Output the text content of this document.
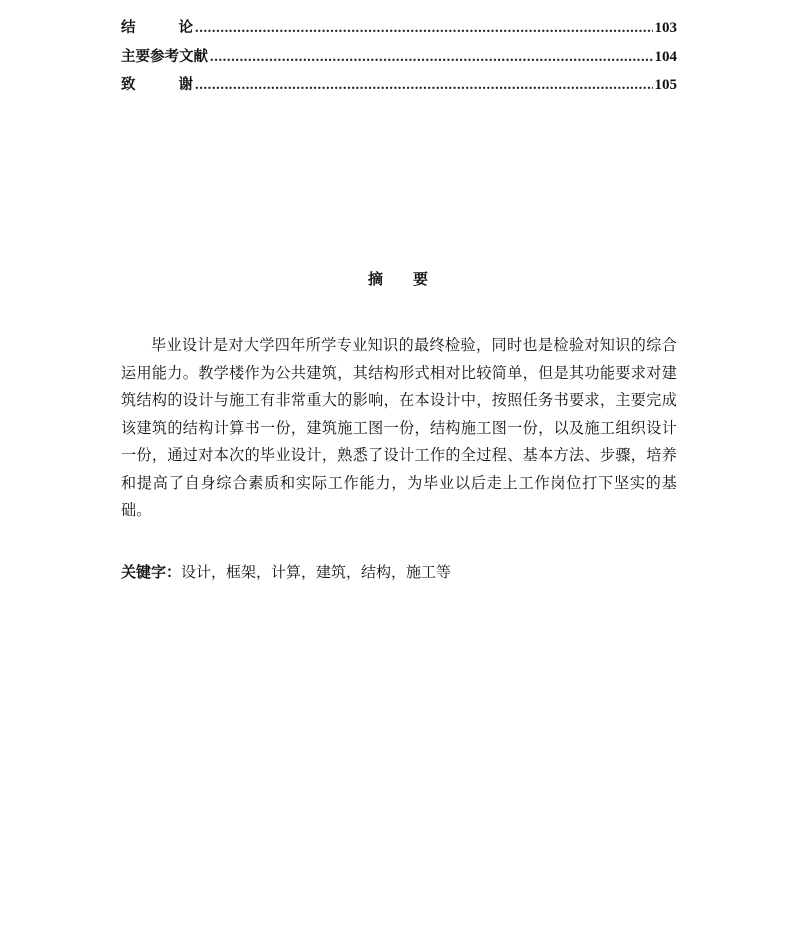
结	论 .....	103
主要参考文献 .....	104
致	谢 .....	105
摘 要

毕业设计是对大学四年所学专业知识的最终检验，同时也是检验对知识的综合运用能力。教学楼作为公共建筑，其结构形式相对比较简单，但是其功能要求对建筑结构的设计与施工有非常重大的影响，在本设计中，按照任务书要求，主要完成该建筑的结构计算书一份，建筑施工图一份，结构施工图一份，以及施工组织设计一份，通过对本次的毕业设计，熟悉了设计工作的全过程、基本方法、步骤，培养和提高了自身综合素质和实际工作能力，为毕业以后走上工作岗位打下坚实的基础。

关键字：设计，框架，计算，建筑，结构，施工等
